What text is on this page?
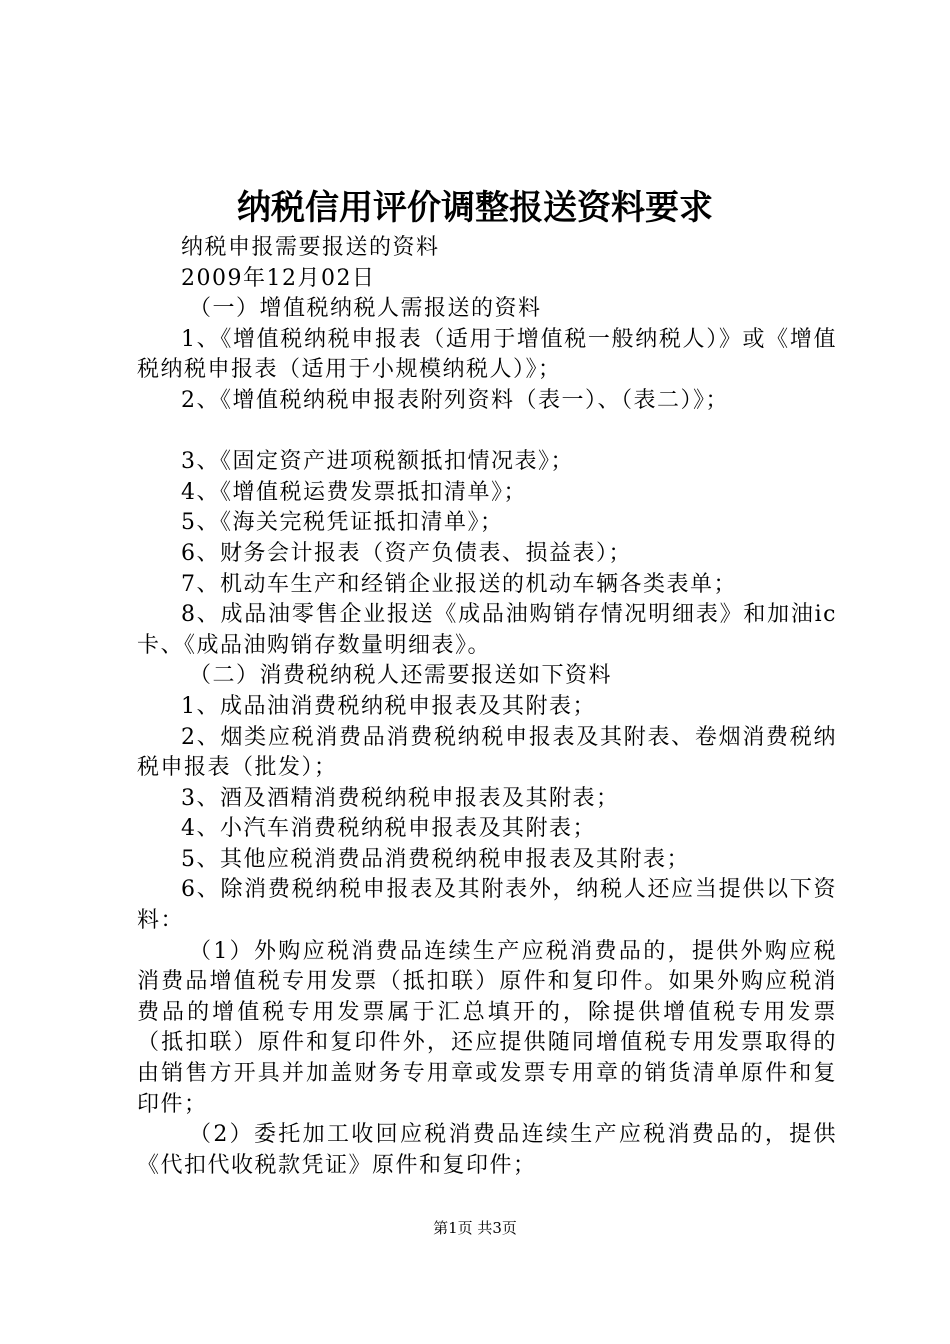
纳税信用评价调整报送资料要求

纳税申报需要报送的资料

2009年12月02日

（一）增值税纳税人需报送的资料

1、《增值税纳税申报表（适用于增值税一般纳税人）》或《增值税纳税申报表（适用于小规模纳税人）》；

2、《增值税纳税申报表附列资料（表一）、（表二）》；

3、《固定资产进项税额抵扣情况表》；

4、《增值税运费发票抵扣清单》；

5、《海关完税凭证抵扣清单》；

6、财务会计报表（资产负债表、损益表）；

7、机动车生产和经销企业报送的机动车辆各类表单；

8、成品油零售企业报送《成品油购销存情况明细表》和加油ic卡、《成品油购销存数量明细表》。

（二）消费税纳税人还需要报送如下资料

1、成品油消费税纳税申报表及其附表；

2、烟类应税消费品消费税纳税申报表及其附表、卷烟消费税纳税申报表（批发）；

3、酒及酒精消费税纳税申报表及其附表；

4、小汽车消费税纳税申报表及其附表；

5、其他应税消费品消费税纳税申报表及其附表；

6、除消费税纳税申报表及其附表外，纳税人还应当提供以下资料：

（1）外购应税消费品连续生产应税消费品的，提供外购应税消费品增值税专用发票（抵扣联）原件和复印件。如果外购应税消费品的增值税专用发票属于汇总填开的，除提供增值税专用发票（抵扣联）原件和复印件外，还应提供随同增值税专用发票取得的由销售方开具并加盖财务专用章或发票专用章的销货清单原件和复印件；

（2）委托加工收回应税消费品连续生产应税消费品的，提供《代扣代收税款凭证》原件和复印件；

第1页 共3页
